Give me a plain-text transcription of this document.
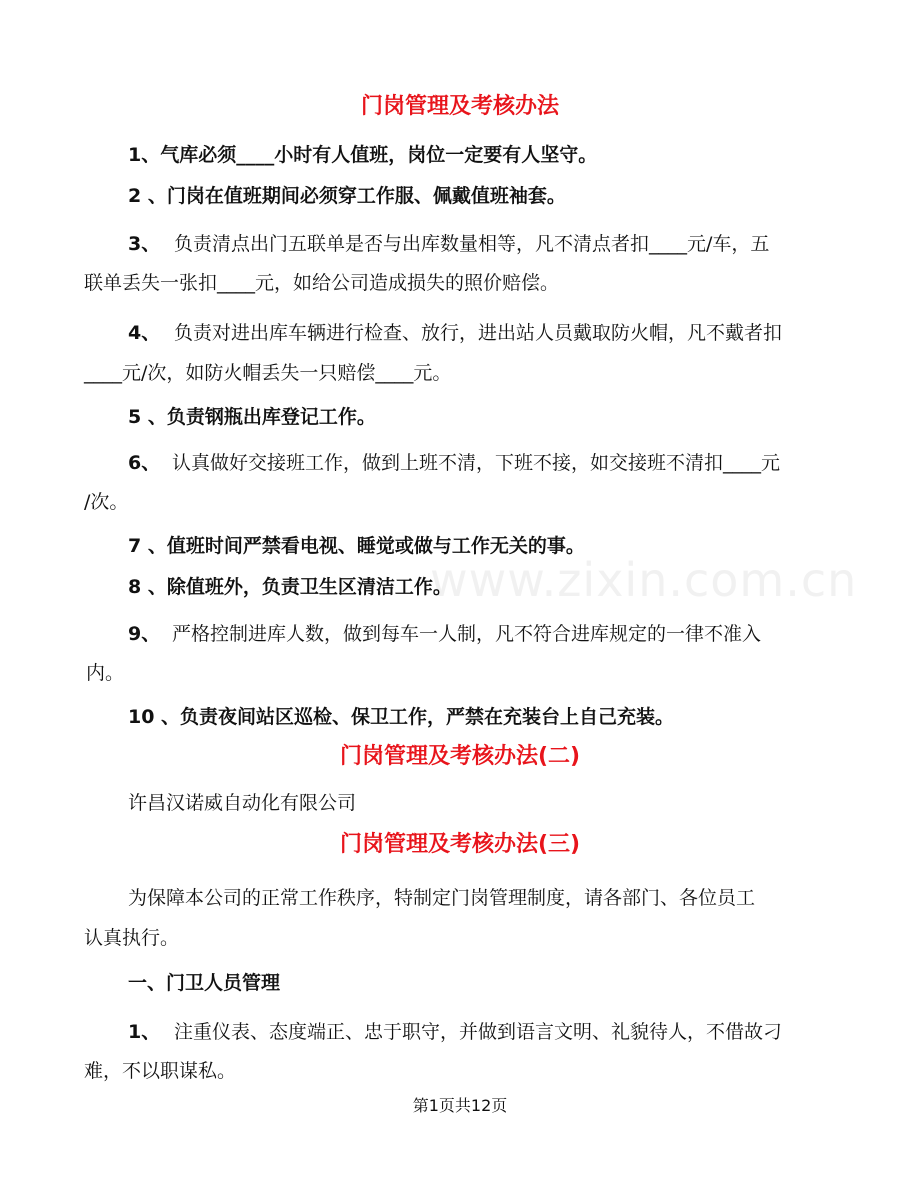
www.zixin.com.cn
门岗管理及考核办法
1、气库必须____小时有人值班，岗位一定要有人坚守。
2 、门岗在值班期间必须穿工作服、佩戴值班袖套。
3、 负责清点出门五联单是否与出库数量相等，凡不清点者扣____元/车，五
联单丢失一张扣____元，如给公司造成损失的照价赔偿。
4、 负责对进出库车辆进行检查、放行，进出站人员戴取防火帽，凡不戴者扣
____元/次，如防火帽丢失一只赔偿____元。
5 、负责钢瓶出库登记工作。
6、 认真做好交接班工作，做到上班不清，下班不接，如交接班不清扣____元
/次。
7 、值班时间严禁看电视、睡觉或做与工作无关的事。
8 、除值班外，负责卫生区清洁工作。
9、 严格控制进库人数，做到每车一人制，凡不符合进库规定的一律不准入
内。
10 、负责夜间站区巡检、保卫工作，严禁在充装台上自己充装。
门岗管理及考核办法(二)
许昌汉诺威自动化有限公司
门岗管理及考核办法(三)
为保障本公司的正常工作秩序，特制定门岗管理制度，请各部门、各位员工
认真执行。
一、门卫人员管理
1、 注重仪表、态度端正、忠于职守，并做到语言文明、礼貌待人，不借故刁
难，不以职谋私。
第1页共12页
